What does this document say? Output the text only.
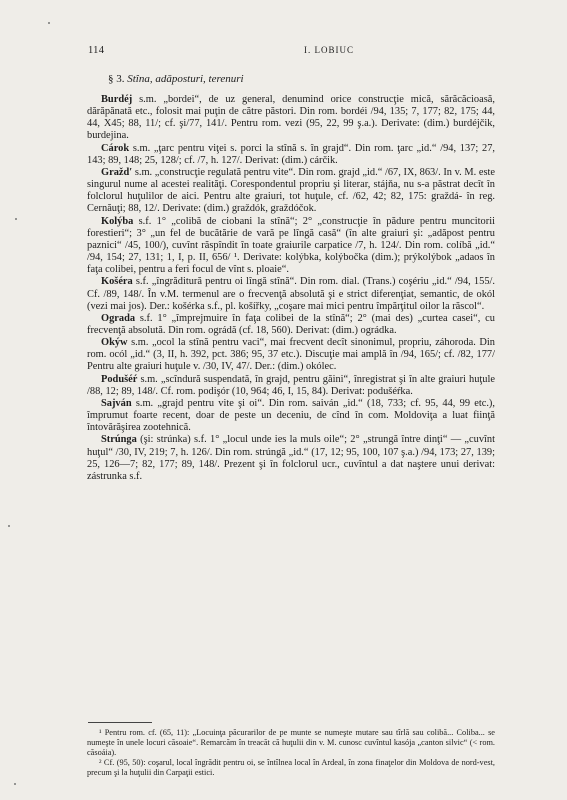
114	I. LOBIUC
§ 3. Stîna, adăposturi, terenuri

Burdéj s.m. „bordei“, de uz general, denumind orice construcţie mică, sărăcăcioasă, dărăpănată etc., folosit mai puţin de către păstori. Din rom. bordéi /94, 135; 7, 177; 82, 175; 44, 44, X45; 88, 11/; cf. şi/77, 141/. Pentru rom. vezi (95, 22, 99 ş.a.). Derivate: (dim.) burdéjčik, burdejina.

Cárok s.m. „ţarc pentru viţei s. porci la stînă s. în grajd“. Din rom. ţarc „id.“ /94, 137; 27, 143; 89, 148; 25, 128/; cf. /7, h. 127/. Derivat: (dim.) cárčik.

Graždʹ s.m. „construcţie regulată pentru vite“. Din rom. grajd „id.“ /67, IX, 863/. In v. M. este singurul nume al acestei realităţi. Corespondentul propriu şi literar, stájňa, nu s-a păstrat decît în folclorul huţulilor de aici. Pentru alte graiuri, tot huţule, cf. /62, 42; 82, 175: graždá- în reg. Cernăuţi; 88, 12/. Derivate: (dim.) graždók, graždóčok.

Kolýba s.f. 1° „colibă de ciobani la stînă“; 2° „construcţie în pădure pentru muncitorii forestieri“; 3° „un fel de bucătărie de vară pe lîngă casă“ (în alte graiuri şi: „adăpost pentru paznici“ /45, 100/), cuvînt răspîndit în toate graiurile carpatice /7, h. 124/. Din rom. colíbă „id.“ /94, 154; 27, 131; 1, I, p. II, 656/ ¹. Derivate: kolýbka, kolýbočka (dim.); prýkolýbok „adaos în faţa colibei, pentru a feri focul de vînt s. ploaie“.

Košéra s.f. „îngrăditură pentru oi lîngă stînă“. Din rom. dial. (Trans.) coşériu „id.“ /94, 155/. Cf. /89, 148/. În v.M. termenul are o frecvenţă absolută şi e strict diferenţiat, semantic, de okól (vezi mai jos). Der.: košérka s.f., pl. košířky, „coşare mai mici pentru împărţitul oilor la răscol“.

Ograda s.f. 1° „împrejmuire în faţa colibei de la stînă“; 2° (mai des) „curtea casei“, cu frecvenţă absolută. Din rom. ográdă (cf. 18, 560). Derivat: (dim.) ográdka.

Okýw s.m. „ocol la stînă pentru vaci“, mai frecvent decît sinonimul, propriu, záhoroda. Din rom. ocól „id.“ (3, II, h. 392, pct. 386; 95, 37 etc.). Discuţie mai amplă în /94, 165/; cf. /82, 177/ Pentru alte graiuri huţule v. /30, IV, 47/. Der.: (dim.) okólec.

Podušéŕ s.m. „scîndură suspendată, în grajd, pentru găini“, înregistrat şi în alte graiuri huţule /88, 12; 89, 148/. Cf. rom. podişór (10, 964; 46, I, 15, 84). Derivat: podušéŕka.

Sajván s.m. „grajd pentru vite şi oi“. Din rom. saiván „id.“ (18, 733; cf. 95, 44, 99 etc.), împrumut foarte recent, doar de peste un deceniu, de cînd în com. Moldoviţa a luat fiinţă întovărăşirea zootehnică.

Strúnga (şi: strúnka) s.f. 1° „locul unde ies la muls oile“; 2° „strungă între dinţi“ — „cuvînt huţul“ /30, IV, 219; 7, h. 126/. Din rom. strúngă „id.“ (17, 12; 95, 100, 107 ş.a.) /94, 173; 27, 139; 25, 126—7; 82, 177; 89, 148/. Prezent şi în folclorul ucr., cuvîntul a dat naştere unui derivat: zástrunka s.f.

¹ Pentru rom. cf. (65, 11): „Locuinţa păcurarilor de pe munte se numeşte mutare sau tîrlă sau colibă... Coliba... se numeşte în unele locuri căsoaie“. Remarcăm în treacăt că huţulii din v. M. cunosc cuvîntul kasója „canton silvic“ (< rom. căsoáia).

² Cf. (95, 50): coşarul, local îngrădit pentru oi, se întîlnea local în Ardeal, în zona finaţelor din Moldova de nord-vest, precum şi la huţulii din Carpaţii estici.
